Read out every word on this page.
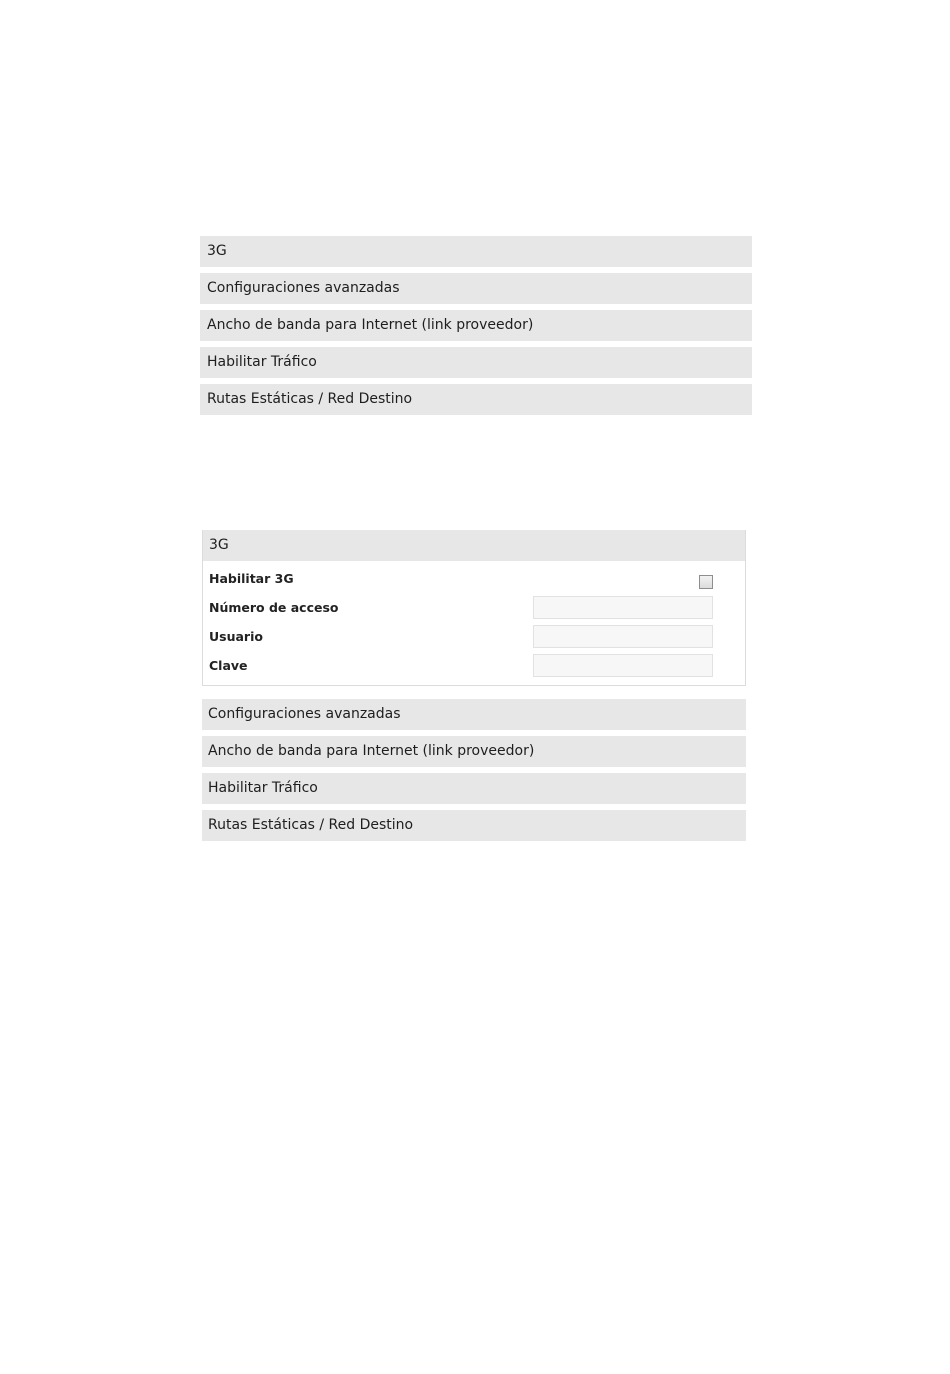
3G
Configuraciones avanzadas
Ancho de banda para Internet (link proveedor)
Habilitar Tráfico
Rutas Estáticas / Red Destino
3G
Habilitar 3G
Número de acceso
Usuario
Clave
Configuraciones avanzadas
Ancho de banda para Internet (link proveedor)
Habilitar Tráfico
Rutas Estáticas / Red Destino
